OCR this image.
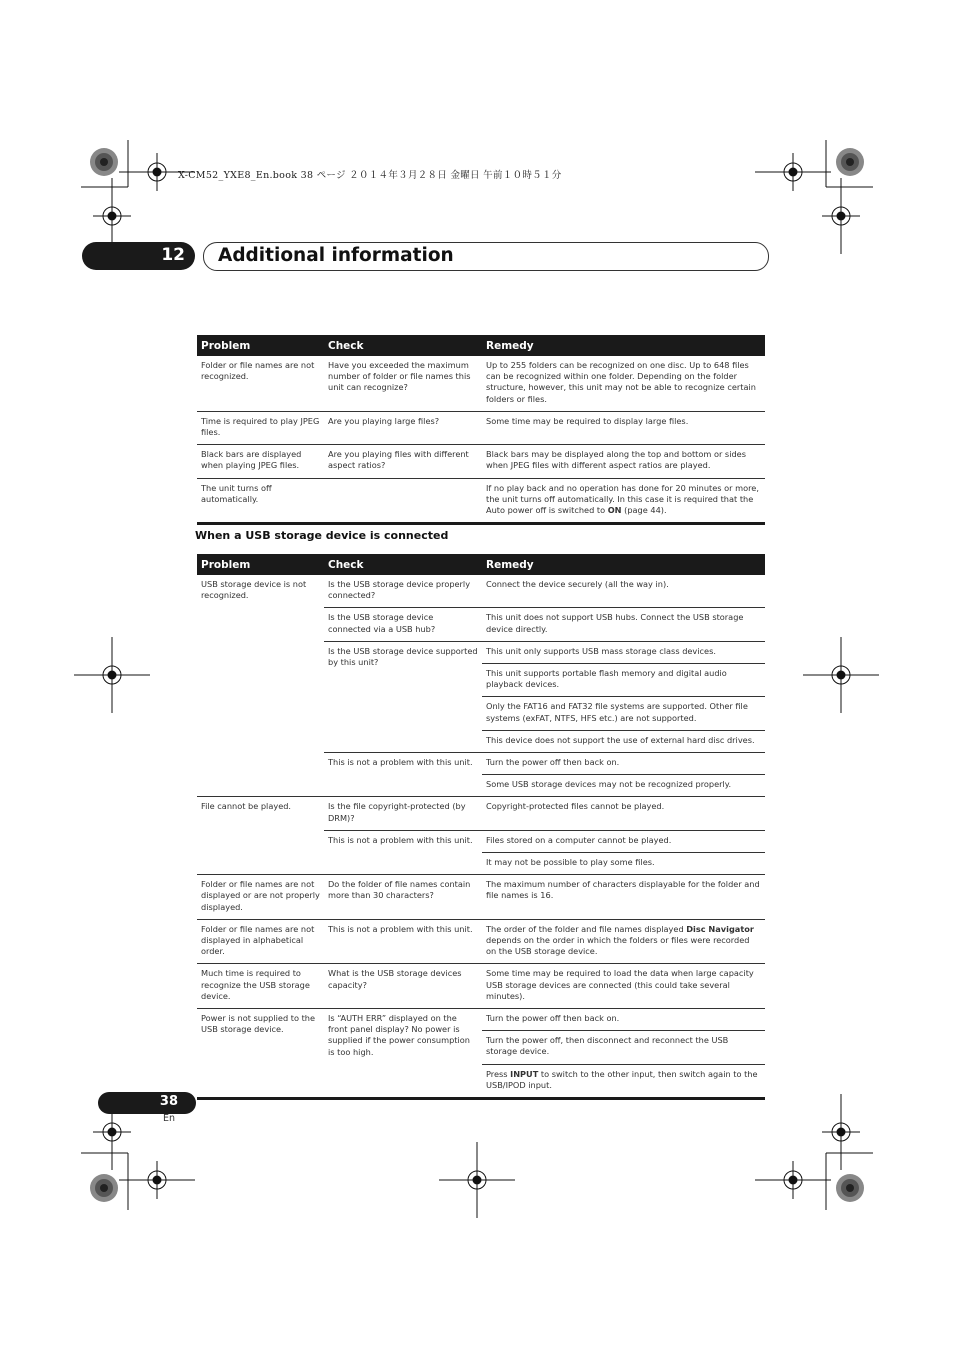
X-CM52_YXE8_En.book 38 ページ ２０１４年３月２８日 金曜日 午前１０時５１分
12 Additional information
Problem	Check	Remedy
Folder or file names are not recognized.	Have you exceeded the maximum number of folder or file names this unit can recognize?	Up to 255 folders can be recognized on one disc. Up to 648 files can be recognized within one folder. Depending on the folder structure, however, this unit may not be able to recognize certain folders or files.
Time is required to play JPEG files.	Are you playing large files?	Some time may be required to display large files.
Black bars are displayed when playing JPEG files.	Are you playing files with different aspect ratios?	Black bars may be displayed along the top and bottom or sides when JPEG files with different aspect ratios are played.
The unit turns off automatically.		If no play back and no operation has done for 20 minutes or more, the unit turns off automatically. In this case it is required that the Auto power off is switched to ON (page 44).
When a USB storage device is connected
Problem	Check	Remedy
USB storage device is not recognized.	Is the USB storage device properly connected?	Connect the device securely (all the way in).
	Is the USB storage device connected via a USB hub?	This unit does not support USB hubs. Connect the USB storage device directly.
	Is the USB storage device supported by this unit?	This unit only supports USB mass storage class devices.
		This unit supports portable flash memory and digital audio playback devices.
		Only the FAT16 and FAT32 file systems are supported. Other file systems (exFAT, NTFS, HFS etc.) are not supported.
		This device does not support the use of external hard disc drives.
	This is not a problem with this unit.	Turn the power off then back on.
		Some USB storage devices may not be recognized properly.
File cannot be played.	Is the file copyright-protected (by DRM)?	Copyright-protected files cannot be played.
	This is not a problem with this unit.	Files stored on a computer cannot be played.
		It may not be possible to play some files.
Folder or file names are not displayed or are not properly displayed.	Do the folder of file names contain more than 30 characters?	The maximum number of characters displayable for the folder and file names is 16.
Folder or file names are not displayed in alphabetical order.	This is not a problem with this unit.	The order of the folder and file names displayed Disc Navigator depends on the order in which the folders or files were recorded on the USB storage device.
Much time is required to recognize the USB storage device.	What is the USB storage devices capacity?	Some time may be required to load the data when large capacity USB storage devices are connected (this could take several minutes).
Power is not supplied to the USB storage device.	Is “AUTH ERR” displayed on the front panel display? No power is supplied if the power consumption is too high.	Turn the power off then back on.
		Turn the power off, then disconnect and reconnect the USB storage device.
		Press INPUT to switch to the other input, then switch again to the USB/IPOD input.
38
En
